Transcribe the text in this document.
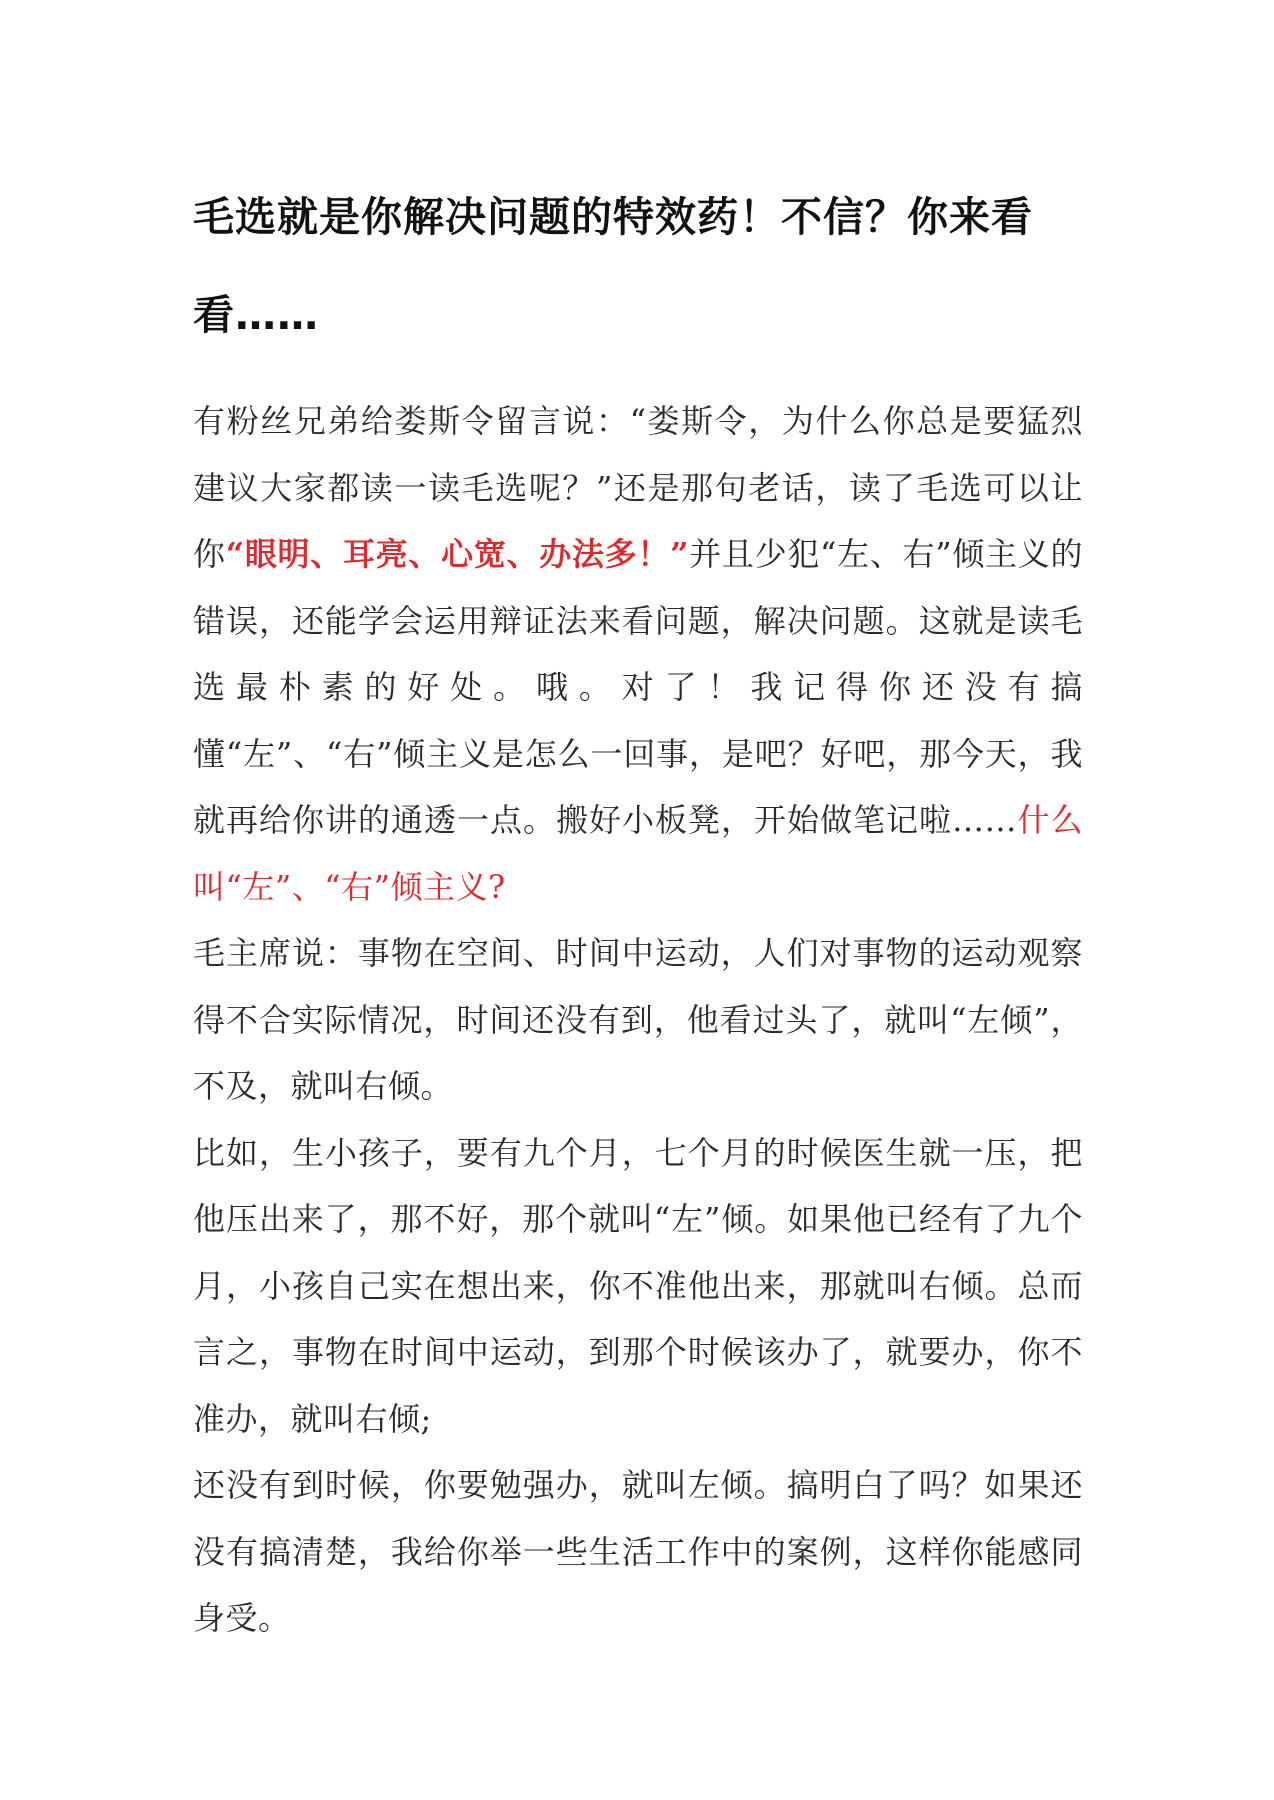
毛选就是你解决问题的特效药！不信？你来看看……

有粉丝兄弟给娄斯令留言说：“娄斯令，为什么你总是要猛烈建议大家都读一读毛选呢？”还是那句老话，读了毛选可以让你“眼明、耳亮、心宽、办法多！”并且少犯“左、右”倾主义的错误，还能学会运用辩证法来看问题，解决问题。这就是读毛选最朴素的好处。哦。对了！我记得你还没有搞懂“左”、“右”倾主义是怎么一回事，是吧？好吧，那今天，我就再给你讲的通透一点。搬好小板凳，开始做笔记啦……什么叫“左”、“右”倾主义?

毛主席说：事物在空间、时间中运动，人们对事物的运动观察得不合实际情况，时间还没有到，他看过头了，就叫“左倾”，不及，就叫右倾。

比如，生小孩子，要有九个月，七个月的时候医生就一压，把他压出来了，那不好，那个就叫“左”倾。如果他已经有了九个月，小孩自己实在想出来，你不准他出来，那就叫右倾。总而言之，事物在时间中运动，到那个时候该办了，就要办，你不准办，就叫右倾;

还没有到时候，你要勉强办，就叫左倾。搞明白了吗？如果还没有搞清楚，我给你举一些生活工作中的案例，这样你能感同身受。
